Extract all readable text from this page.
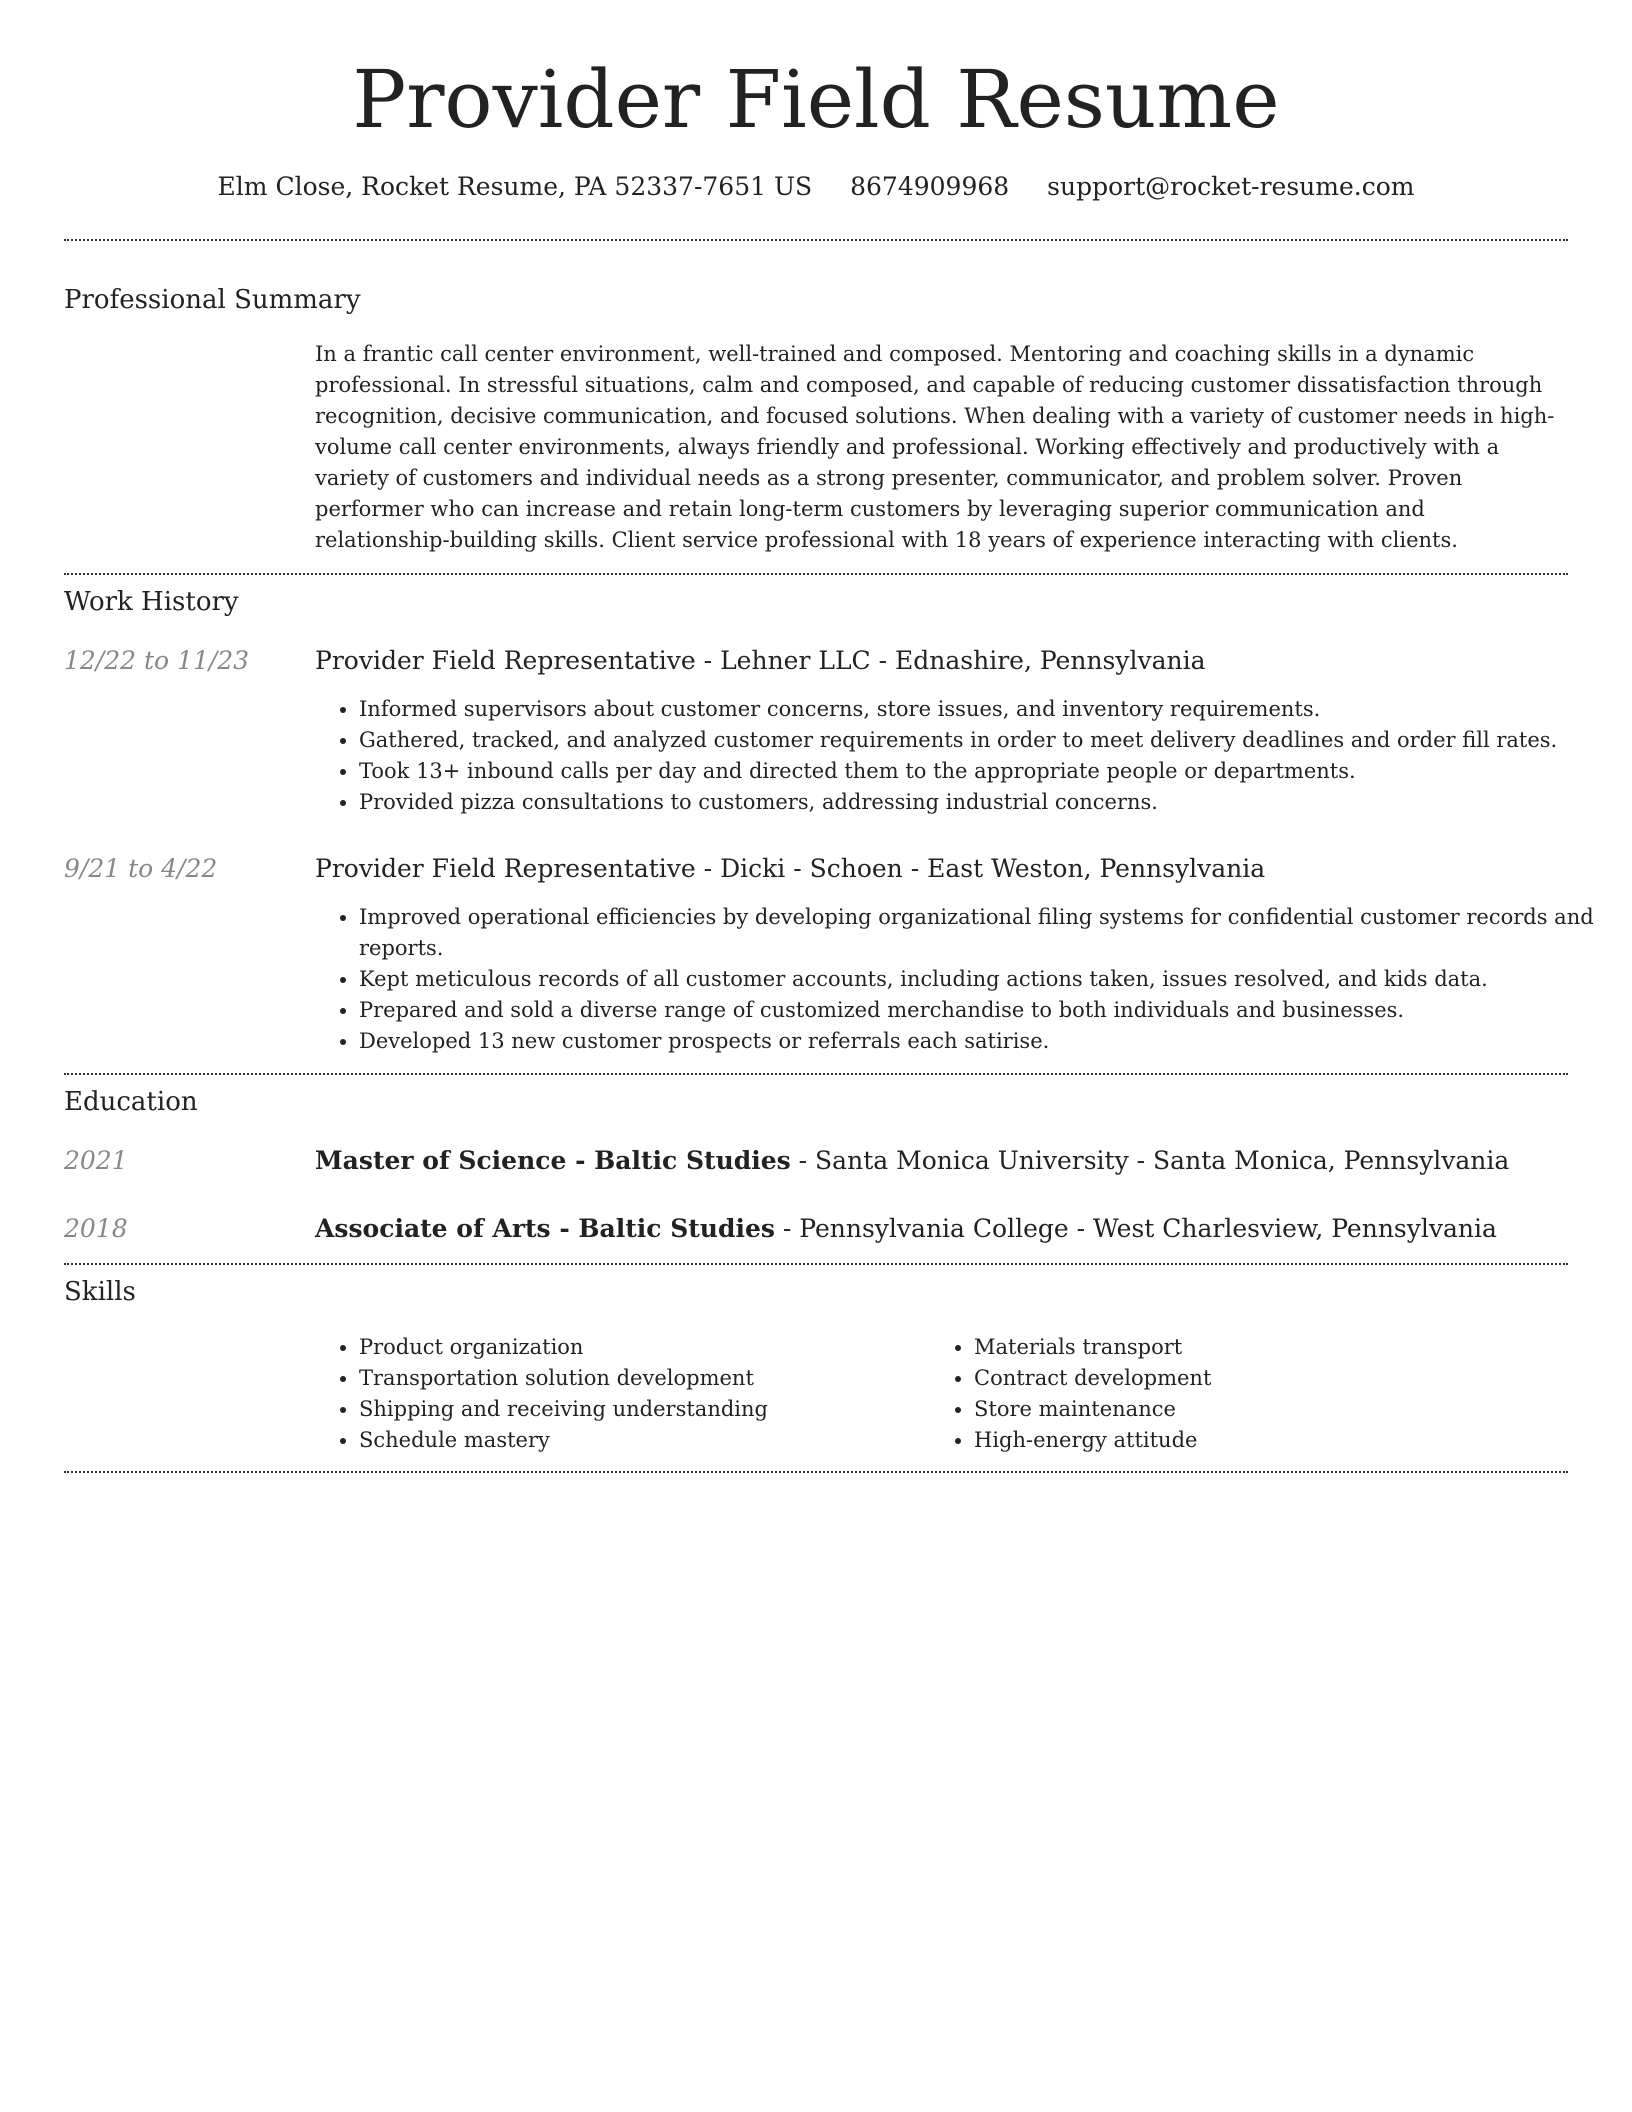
Provider Field Resume
Elm Close, Rocket Resume, PA 52337-7651 US 8674909968 support@rocket-resume.com
Professional Summary
In a frantic call center environment, well-trained and composed. Mentoring and coaching skills in a dynamic professional. In stressful situations, calm and composed, and capable of reducing customer dissatisfaction through recognition, decisive communication, and focused solutions. When dealing with a variety of customer needs in high-volume call center environments, always friendly and professional. Working effectively and productively with a variety of customers and individual needs as a strong presenter, communicator, and problem solver. Proven performer who can increase and retain long-term customers by leveraging superior communication and relationship-building skills. Client service professional with 18 years of experience interacting with clients.
Work History
12/22 to 11/23	Provider Field Representative - Lehner LLC - Ednashire, Pennsylvania
• Informed supervisors about customer concerns, store issues, and inventory requirements.
• Gathered, tracked, and analyzed customer requirements in order to meet delivery deadlines and order fill rates.
• Took 13+ inbound calls per day and directed them to the appropriate people or departments.
• Provided pizza consultations to customers, addressing industrial concerns.
9/21 to 4/22	Provider Field Representative - Dicki - Schoen - East Weston, Pennsylvania
• Improved operational efficiencies by developing organizational filing systems for confidential customer records and reports.
• Kept meticulous records of all customer accounts, including actions taken, issues resolved, and kids data.
• Prepared and sold a diverse range of customized merchandise to both individuals and businesses.
• Developed 13 new customer prospects or referrals each satirise.
Education
2021	Master of Science - Baltic Studies - Santa Monica University - Santa Monica, Pennsylvania
2018	Associate of Arts - Baltic Studies - Pennsylvania College - West Charlesview, Pennsylvania
Skills
• Product organization
• Transportation solution development
• Shipping and receiving understanding
• Schedule mastery
• Materials transport
• Contract development
• Store maintenance
• High-energy attitude
